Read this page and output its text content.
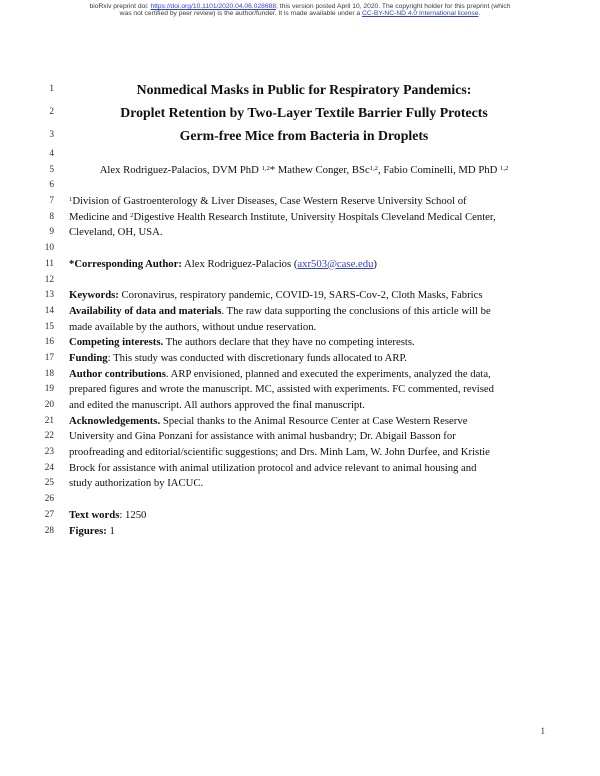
bioRxiv preprint doi: https://doi.org/10.1101/2020.04.06.028688; this version posted April 10, 2020. The copyright holder for this preprint (which
was not certified by peer review) is the author/funder. It is made available under a CC-BY-NC-ND 4.0 International license.
1	Nonmedical Masks in Public for Respiratory Pandemics:
2	Droplet Retention by Two-Layer Textile Barrier Fully Protects
3	Germ-free Mice from Bacteria in Droplets
4
5	Alex Rodriguez-Palacios, DVM PhD $^{1,2}$* Mathew Conger, BSc$^{1,2}$, Fabio Cominelli, MD PhD $^{1,2}$
6
7 $^1$Division of Gastroenterology & Liver Diseases, Case Western Reserve University School of
8 Medicine and $^2$Digestive Health Research Institute, University Hospitals Cleveland Medical Center,
9 Cleveland, OH, USA.
10
11 *Corresponding Author: Alex Rodriguez-Palacios (axr503@case.edu)
12
13 Keywords: Coronavirus, respiratory pandemic, COVID-19, SARS-Cov-2, Cloth Masks, Fabrics
14 Availability of data and materials. The raw data supporting the conclusions of this article will be
15 made available by the authors, without undue reservation.
16 Competing interests. The authors declare that they have no competing interests.
17 Funding: This study was conducted with discretionary funds allocated to ARP.
18 Author contributions. ARP envisioned, planned and executed the experiments, analyzed the data,
19 prepared figures and wrote the manuscript. MC, assisted with experiments. FC commented, revised
20 and edited the manuscript. All authors approved the final manuscript.
21 Acknowledgements. Special thanks to the Animal Resource Center at Case Western Reserve
22 University and Gina Ponzani for assistance with animal husbandry; Dr. Abigail Basson for
23 proofreading and editorial/scientific suggestions; and Drs. Minh Lam, W. John Durfee, and Kristie
24 Brock for assistance with animal utilization protocol and advice relevant to animal housing and
25 study authorization by IACUC.
26
27 Text words: 1250
28 Figures: 1
1
